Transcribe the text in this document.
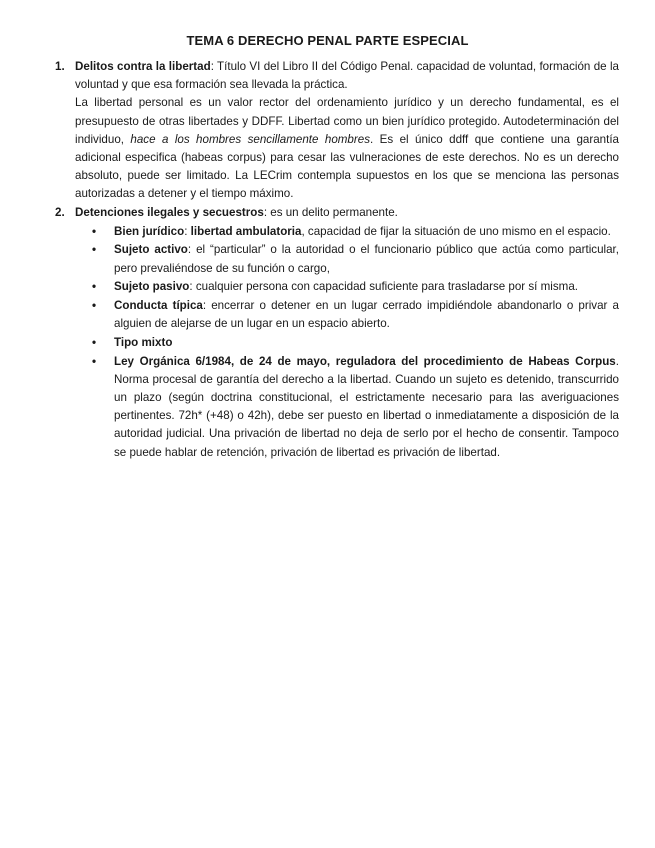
TEMA 6 DERECHO PENAL PARTE ESPECIAL
1. Delitos contra la libertad: Título VI del Libro II del Código Penal. capacidad de voluntad, formación de la voluntad y que esa formación sea llevada la práctica.

La libertad personal es un valor rector del ordenamiento jurídico y un derecho fundamental, es el presupuesto de otras libertades y DDFF. Libertad como un bien jurídico protegido. Autodeterminación del individuo, hace a los hombres sencillamente hombres. Es el único ddff que contiene una garantía adicional especifica (habeas corpus) para cesar las vulneraciones de este derechos. No es un derecho absoluto, puede ser limitado. La LECrim contempla supuestos en los que se menciona las personas autorizadas a detener y el tiempo máximo.

2. Detenciones ilegales y secuestros: es un delito permanente.

• Bien jurídico: libertad ambulatoria, capacidad de fijar la situación de uno mismo en el espacio.
• Sujeto activo: el “particular” o la autoridad o el funcionario público que actúa como particular, pero prevaliéndose de su función o cargo,
• Sujeto pasivo: cualquier persona con capacidad suficiente para trasladarse por sí misma.
• Conducta típica: encerrar o detener en un lugar cerrado impidiéndole abandonarlo o privar a alguien de alejarse de un lugar en un espacio abierto.
• Tipo mixto
• Ley Orgánica 6/1984, de 24 de mayo, reguladora del procedimiento de Habeas Corpus. Norma procesal de garantía del derecho a la libertad. Cuando un sujeto es detenido, transcurrido un plazo (según doctrina constitucional, el estrictamente necesario para las averiguaciones pertinentes. 72h* (+48) o 42h), debe ser puesto en libertad o inmediatamente a disposición de la autoridad judicial. Una privación de libertad no deja de serlo por el hecho de consentir. Tampoco se puede hablar de retención, privación de libertad es privación de libertad.
